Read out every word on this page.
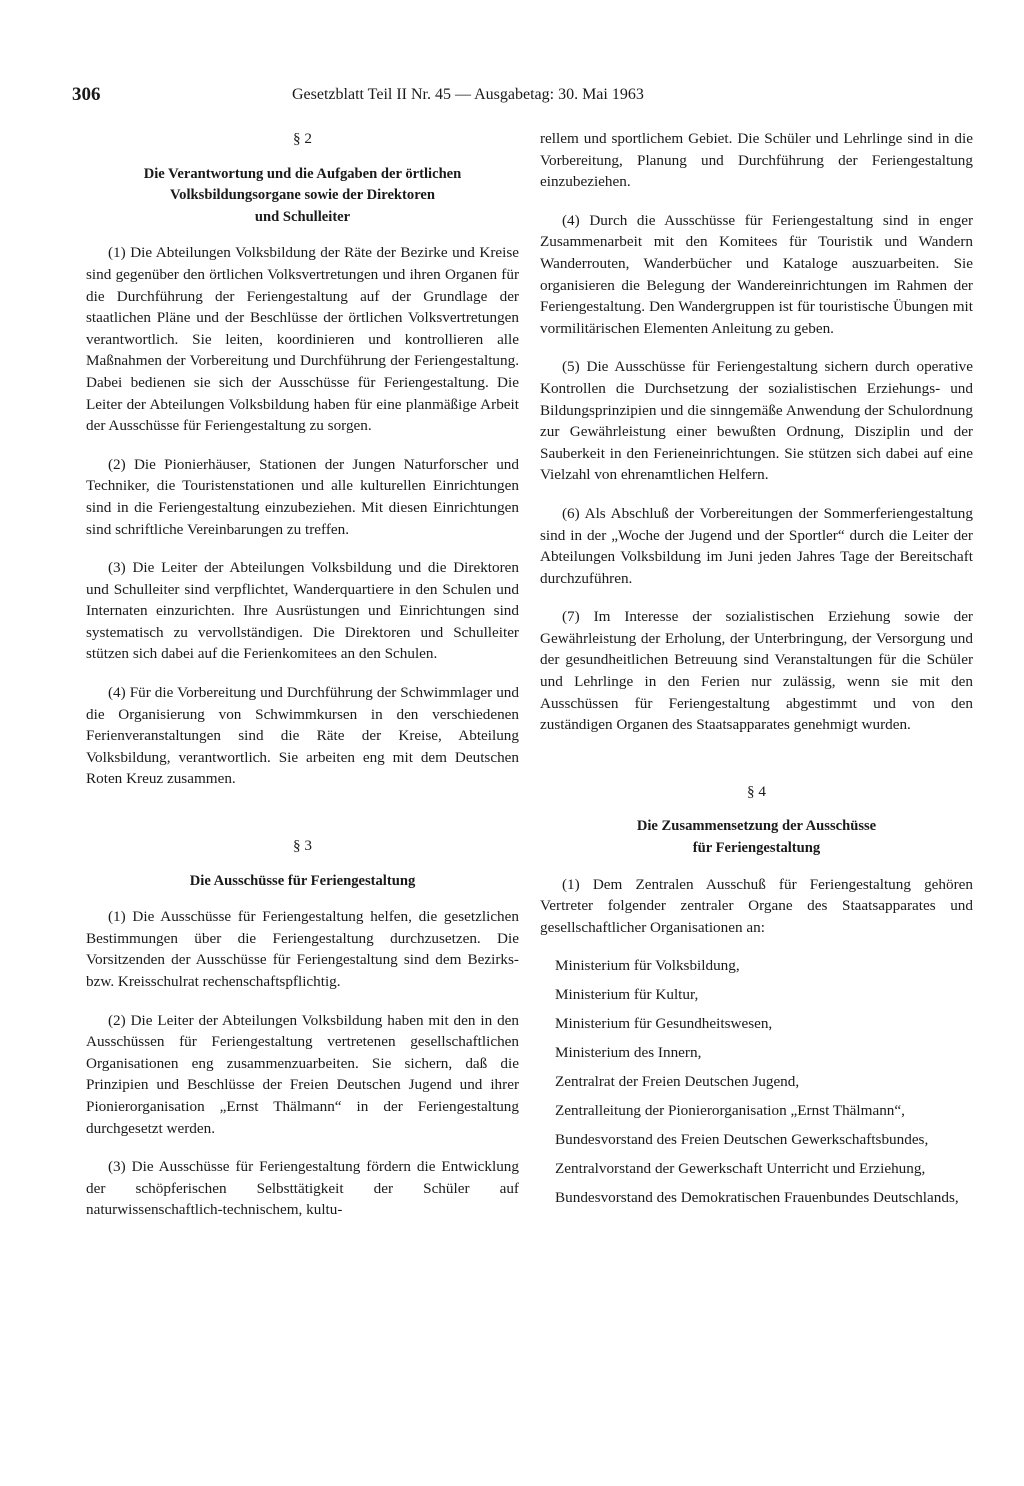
306	Gesetzblatt Teil II Nr. 45 — Ausgabetag: 30. Mai 1963
§ 2
Die Verantwortung und die Aufgaben der örtlichen
Volksbildungsorgane sowie der Direktoren
und Schulleiter

(1) Die Abteilungen Volksbildung der Räte der Bezirke und Kreise sind gegenüber den örtlichen Volksvertretungen und ihren Organen für die Durchführung der Feriengestaltung auf der Grundlage der staatlichen Pläne und der Beschlüsse der örtlichen Volksvertretungen verantwortlich. Sie leiten, koordinieren und kontrollieren alle Maßnahmen der Vorbereitung und Durchführung der Feriengestaltung. Dabei bedienen sie sich der Ausschüsse für Feriengestaltung. Die Leiter der Abteilungen Volksbildung haben für eine planmäßige Arbeit der Ausschüsse für Feriengestaltung zu sorgen.

(2) Die Pionierhäuser, Stationen der Jungen Naturforscher und Techniker, die Touristenstationen und alle kulturellen Einrichtungen sind in die Feriengestaltung einzubeziehen. Mit diesen Einrichtungen sind schriftliche Vereinbarungen zu treffen.

(3) Die Leiter der Abteilungen Volksbildung und die Direktoren und Schulleiter sind verpflichtet, Wanderquartiere in den Schulen und Internaten einzurichten. Ihre Ausrüstungen und Einrichtungen sind systematisch zu vervollständigen. Die Direktoren und Schulleiter stützen sich dabei auf die Ferienkomitees an den Schulen.

(4) Für die Vorbereitung und Durchführung der Schwimmlager und die Organisierung von Schwimmkursen in den verschiedenen Ferienveranstaltungen sind die Räte der Kreise, Abteilung Volksbildung, verantwortlich. Sie arbeiten eng mit dem Deutschen Roten Kreuz zusammen.

§ 3
Die Ausschüsse für Feriengestaltung

(1) Die Ausschüsse für Feriengestaltung helfen, die gesetzlichen Bestimmungen über die Feriengestaltung durchzusetzen. Die Vorsitzenden der Ausschüsse für Feriengestaltung sind dem Bezirks- bzw. Kreisschulrat rechenschaftspflichtig.

(2) Die Leiter der Abteilungen Volksbildung haben mit den in den Ausschüssen für Feriengestaltung vertretenen gesellschaftlichen Organisationen eng zusammenzuarbeiten. Sie sichern, daß die Prinzipien und Beschlüsse der Freien Deutschen Jugend und ihrer Pionierorganisation „Ernst Thälmann“ in der Feriengestaltung durchgesetzt werden.

(3) Die Ausschüsse für Feriengestaltung fördern die Entwicklung der schöpferischen Selbsttätigkeit der Schüler auf naturwissenschaftlich-technischem, kultu-

rellem und sportlichem Gebiet. Die Schüler und Lehrlinge sind in die Vorbereitung, Planung und Durchführung der Feriengestaltung einzubeziehen.

(4) Durch die Ausschüsse für Feriengestaltung sind in enger Zusammenarbeit mit den Komitees für Touristik und Wandern Wanderrouten, Wanderbücher und Kataloge auszuarbeiten. Sie organisieren die Belegung der Wandereinrichtungen im Rahmen der Feriengestaltung. Den Wandergruppen ist für touristische Übungen mit vormilitärischen Elementen Anleitung zu geben.

(5) Die Ausschüsse für Feriengestaltung sichern durch operative Kontrollen die Durchsetzung der sozialistischen Erziehungs- und Bildungsprinzipien und die sinngemäße Anwendung der Schulordnung zur Gewährleistung einer bewußten Ordnung, Disziplin und der Sauberkeit in den Ferieneinrichtungen. Sie stützen sich dabei auf eine Vielzahl von ehrenamtlichen Helfern.

(6) Als Abschluß der Vorbereitungen der Sommerferiengestaltung sind in der „Woche der Jugend und der Sportler“ durch die Leiter der Abteilungen Volksbildung im Juni jeden Jahres Tage der Bereitschaft durchzuführen.

(7) Im Interesse der sozialistischen Erziehung sowie der Gewährleistung der Erholung, der Unterbringung, der Versorgung und der gesundheitlichen Betreuung sind Veranstaltungen für die Schüler und Lehrlinge in den Ferien nur zulässig, wenn sie mit den Ausschüssen für Feriengestaltung abgestimmt und von den zuständigen Organen des Staatsapparates genehmigt wurden.

§ 4
Die Zusammensetzung der Ausschüsse
für Feriengestaltung

(1) Dem Zentralen Ausschuß für Feriengestaltung gehören Vertreter folgender zentraler Organe des Staatsapparates und gesellschaftlicher Organisationen an:

Ministerium für Volksbildung,
Ministerium für Kultur,
Ministerium für Gesundheitswesen,
Ministerium des Innern,
Zentralrat der Freien Deutschen Jugend,
Zentralleitung der Pionierorganisation „Ernst Thälmann“,
Bundesvorstand des Freien Deutschen Gewerkschaftsbundes,
Zentralvorstand der Gewerkschaft Unterricht und Erziehung,
Bundesvorstand des Demokratischen Frauenbundes Deutschlands,
